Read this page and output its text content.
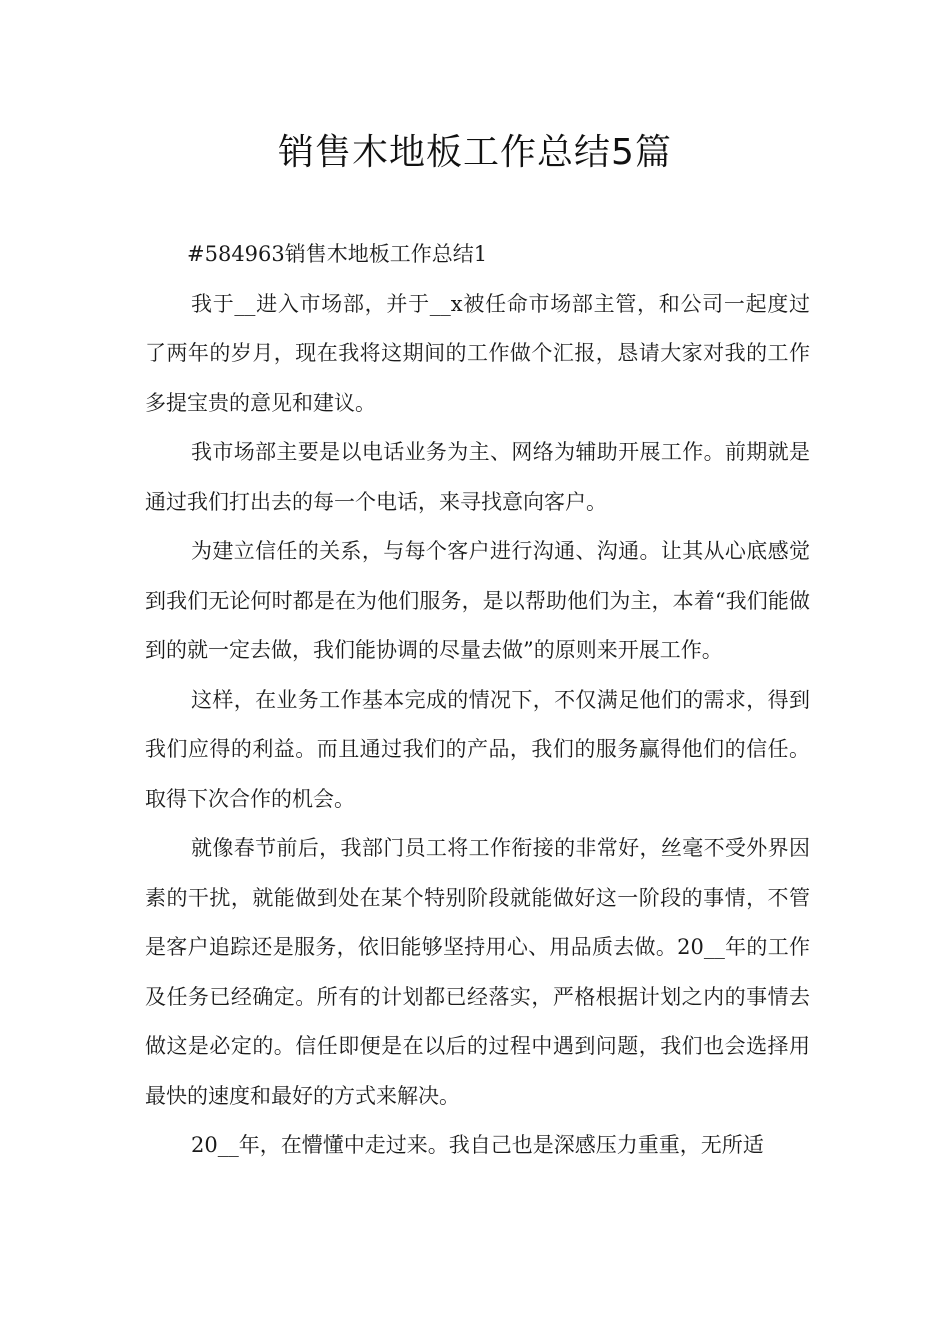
销售木地板工作总结5篇

#584963销售木地板工作总结1

我于__进入市场部，并于__x被任命市场部主管，和公司一起度过了两年的岁月，现在我将这期间的工作做个汇报，恳请大家对我的工作多提宝贵的意见和建议。

我市场部主要是以电话业务为主、网络为辅助开展工作。前期就是通过我们打出去的每一个电话，来寻找意向客户。

为建立信任的关系，与每个客户进行沟通、沟通。让其从心底感觉到我们无论何时都是在为他们服务，是以帮助他们为主，本着“我们能做到的就一定去做，我们能协调的尽量去做”的原则来开展工作。

这样，在业务工作基本完成的情况下，不仅满足他们的需求，得到我们应得的利益。而且通过我们的产品，我们的服务赢得他们的信任。取得下次合作的机会。

就像春节前后，我部门员工将工作衔接的非常好，丝毫不受外界因素的干扰，就能做到处在某个特别阶段就能做好这一阶段的事情，不管是客户追踪还是服务，依旧能够坚持用心、用品质去做。20__年的工作及任务已经确定。所有的计划都已经落实，严格根据计划之内的事情去做这是必定的。信任即便是在以后的过程中遇到问题，我们也会选择用最快的速度和最好的方式来解决。

20__年，在懵懂中走过来。我自己也是深感压力重重，无所适
